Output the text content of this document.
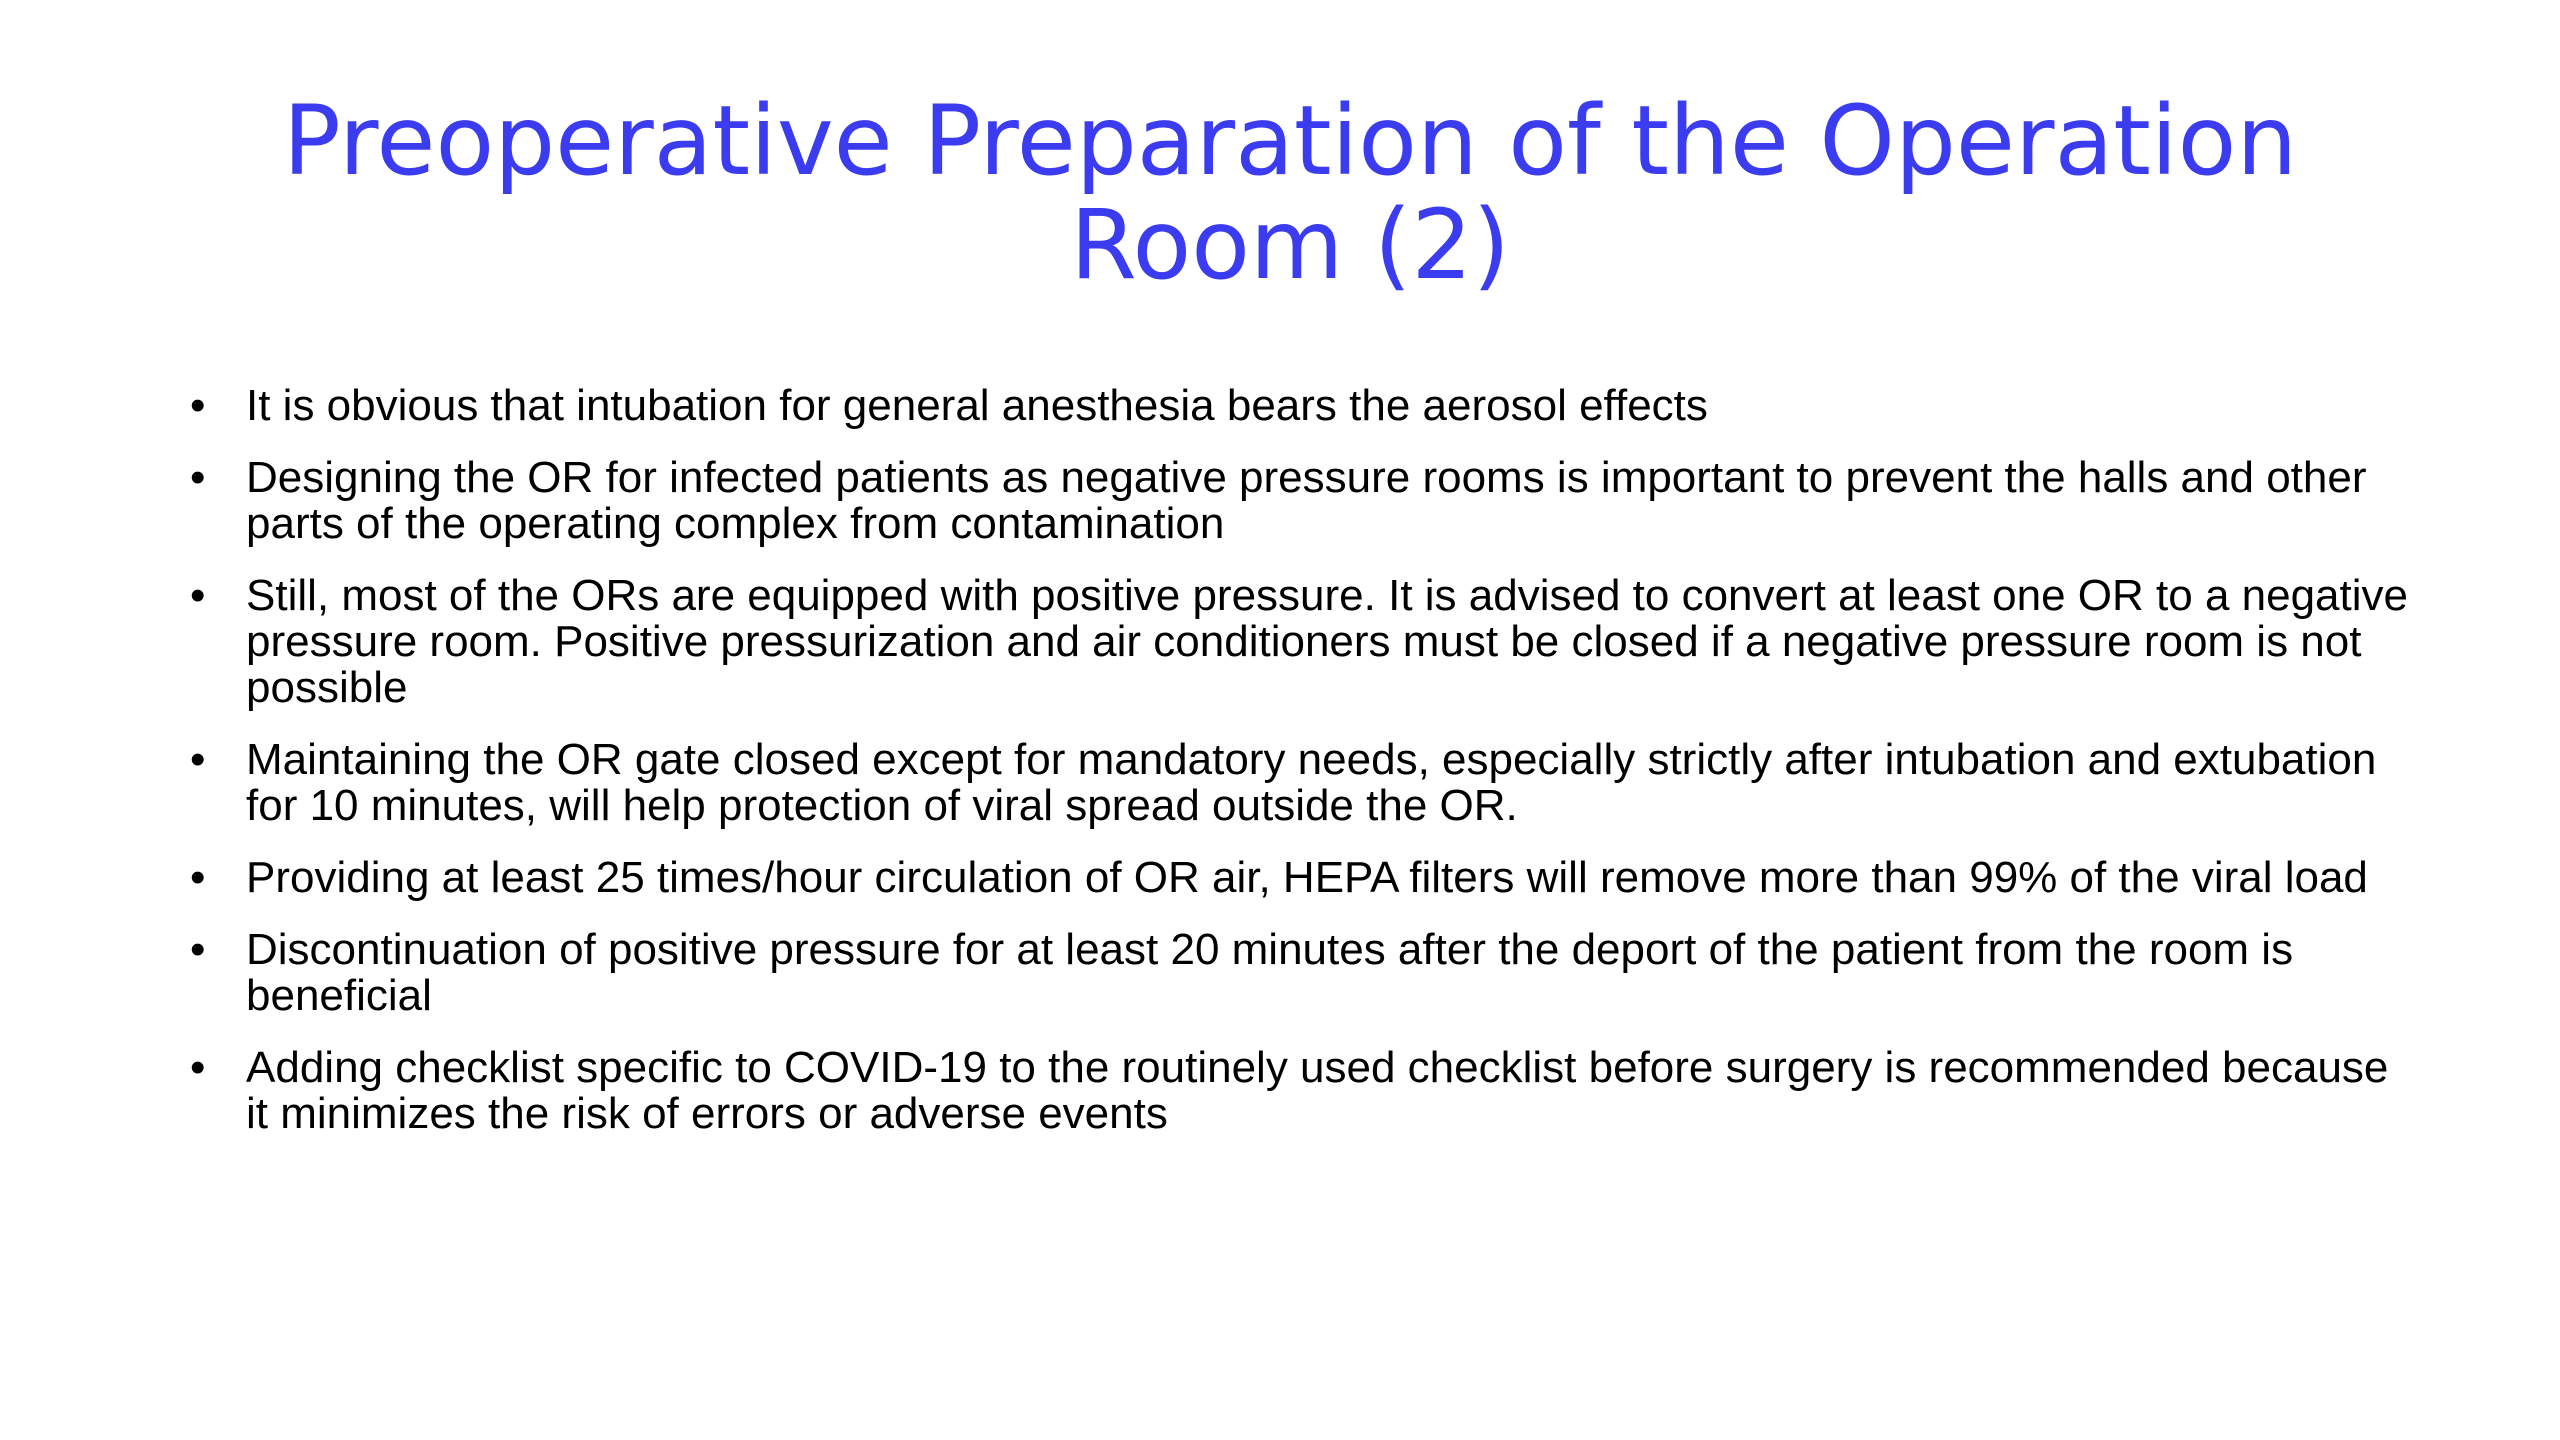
Preoperative Preparation of the Operation
Room (2)
• It is obvious that intubation for general anesthesia bears the aerosol effects
• Designing the OR for infected patients as negative pressure rooms is important to prevent the halls and other parts of the operating complex from contamination
• Still, most of the ORs are equipped with positive pressure. It is advised to convert at least one OR to a negative pressure room. Positive pressurization and air conditioners must be closed if a negative pressure room is not possible
• Maintaining the OR gate closed except for mandatory needs, especially strictly after intubation and extubation for 10 minutes, will help protection of viral spread outside the OR.
• Providing at least 25 times/hour circulation of OR air, HEPA filters will remove more than 99% of the viral load
• Discontinuation of positive pressure for at least 20 minutes after the deport of the patient from the room is beneficial
• Adding checklist specific to COVID-19 to the routinely used checklist before surgery is recommended because it minimizes the risk of errors or adverse events
